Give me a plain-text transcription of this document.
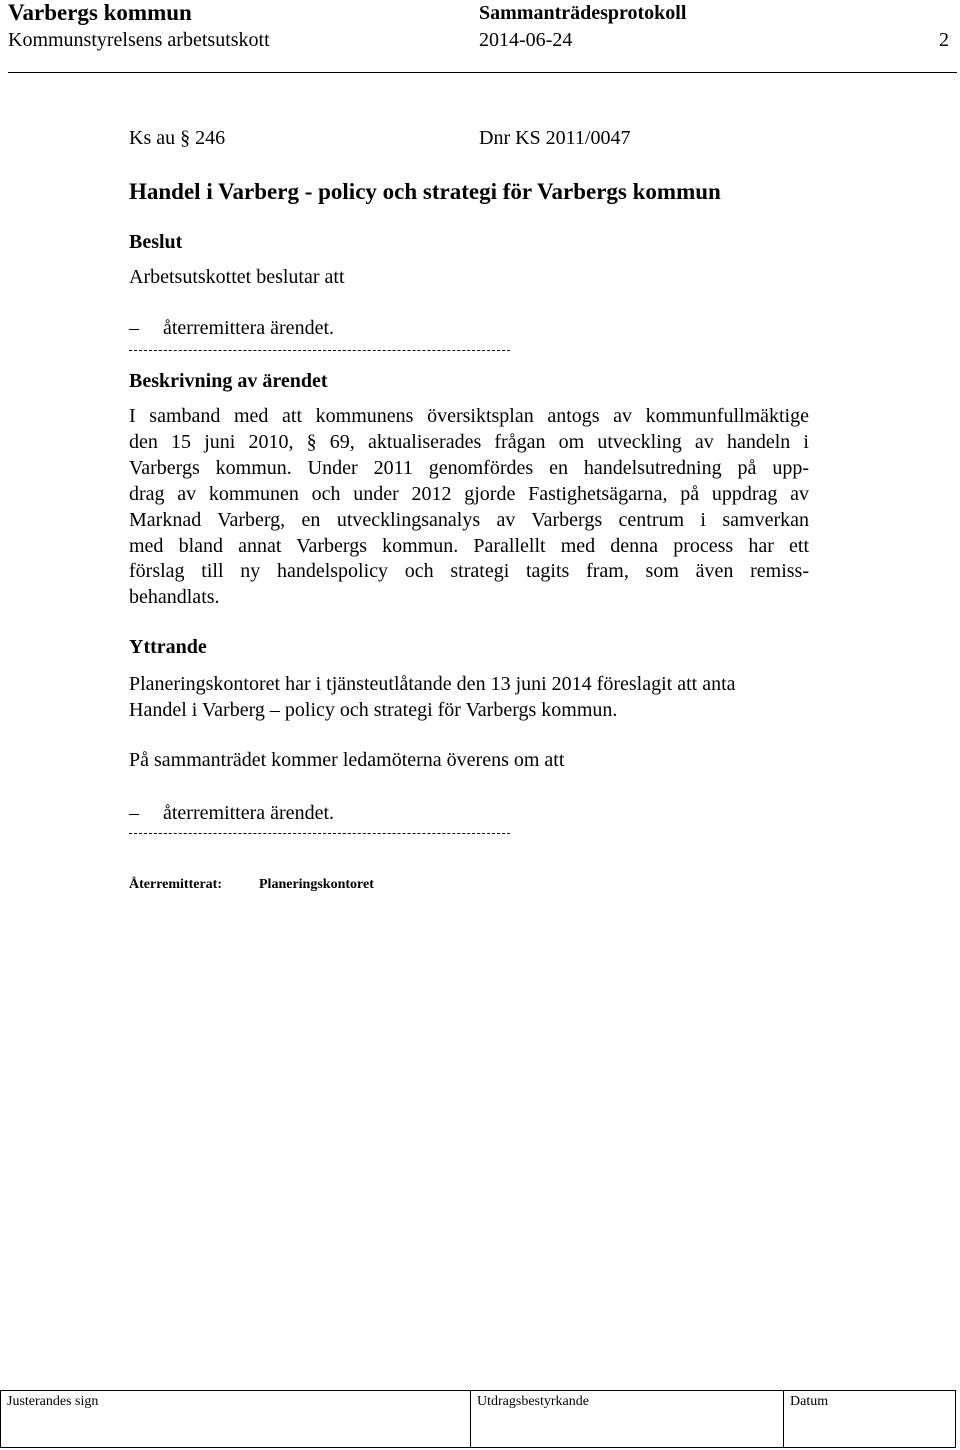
Varbergs kommun	Sammanträdesprotokoll
Kommunstyrelsens arbetsutskott	2014-06-24	2
Ks au § 246	Dnr KS 2011/0047
Handel i Varberg - policy och strategi för Varbergs kommun
Beslut
Arbetsutskottet beslutar att
– återremittera ärendet.
Beskrivning av ärendet
I samband med att kommunens översiktsplan antogs av kommunfullmäktige
den 15 juni 2010, § 69, aktualiserades frågan om utveckling av handeln i
Varbergs kommun. Under 2011 genomfördes en handelsutredning på upp-
drag av kommunen och under 2012 gjorde Fastighetsägarna, på uppdrag av
Marknad Varberg, en utvecklingsanalys av Varbergs centrum i samverkan
med bland annat Varbergs kommun. Parallellt med denna process har ett
förslag till ny handelspolicy och strategi tagits fram, som även remiss-
behandlats.
Yttrande
Planeringskontoret har i tjänsteutlåtande den 13 juni 2014 föreslagit att anta
Handel i Varberg – policy och strategi för Varbergs kommun.
På sammanträdet kommer ledamöterna överens om att
– återremittera ärendet.
Återremitterat:	Planeringskontoret
Justerandes sign	Utdragsbestyrkande	Datum
